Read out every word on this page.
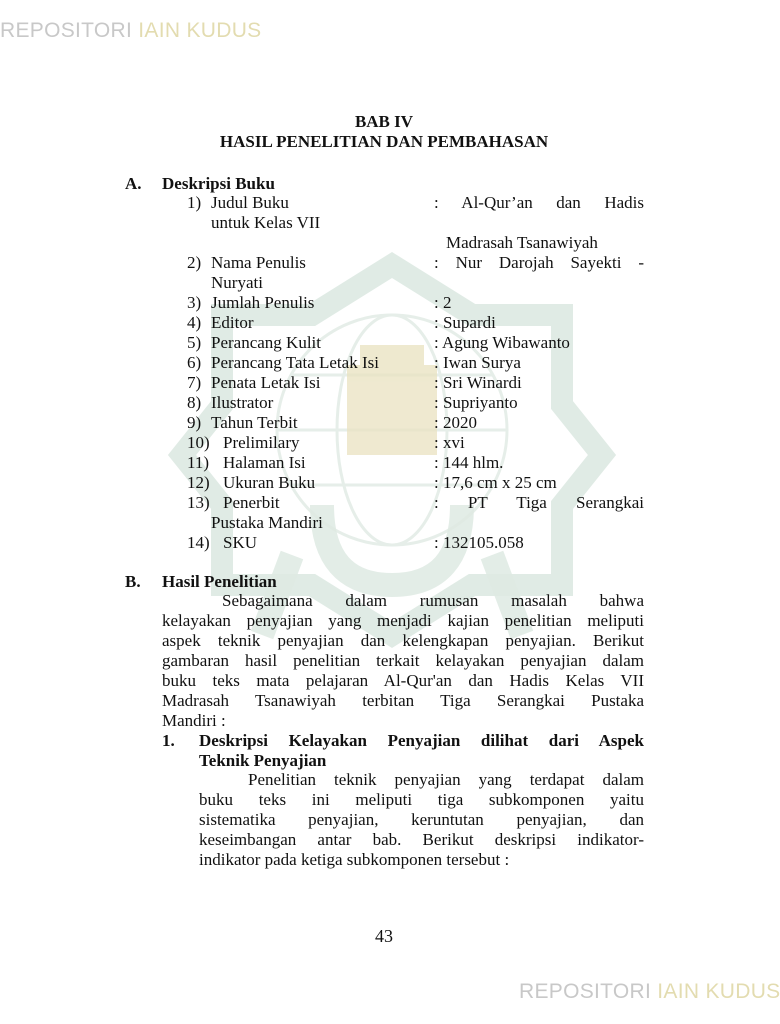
REPOSITORI IAIN KUDUS
BAB IV
HASIL PENELITIAN DAN PEMBAHASAN
A. Deskripsi Buku
1) Judul Buku	: Al-Qur’an dan Hadis
untuk Kelas VII
Madrasah Tsanawiyah
2) Nama Penulis	: Nur Darojah Sayekti -
Nuryati
3) Jumlah Penulis	: 2
4) Editor	: Supardi
5) Perancang Kulit	: Agung Wibawanto
6) Perancang Tata Letak Isi	: Iwan Surya
7) Penata Letak Isi	: Sri Winardi
8) Ilustrator	: Supriyanto
9) Tahun Terbit	: 2020
10) Prelimilary	: xvi
11) Halaman Isi	: 144 hlm.
12) Ukuran Buku	: 17,6 cm x 25 cm
13) Penerbit	: PT Tiga Serangkai
Pustaka Mandiri
14) SKU	: 132105.058
B. Hasil Penelitian
Sebagaimana dalam rumusan masalah bahwa
kelayakan penyajian yang menjadi kajian penelitian meliputi
aspek teknik penyajian dan kelengkapan penyajian. Berikut
gambaran hasil penelitian terkait kelayakan penyajian dalam
buku teks mata pelajaran Al-Qur'an dan Hadis Kelas VII
Madrasah Tsanawiyah terbitan Tiga Serangkai Pustaka
Mandiri :
1. Deskripsi Kelayakan Penyajian dilihat dari Aspek
Teknik Penyajian
Penelitian teknik penyajian yang terdapat dalam
buku teks ini meliputi tiga subkomponen yaitu
sistematika penyajian, keruntutan penyajian, dan
keseimbangan antar bab. Berikut deskripsi indikator-
indikator pada ketiga subkomponen tersebut :
43
REPOSITORI IAIN KUDUS
